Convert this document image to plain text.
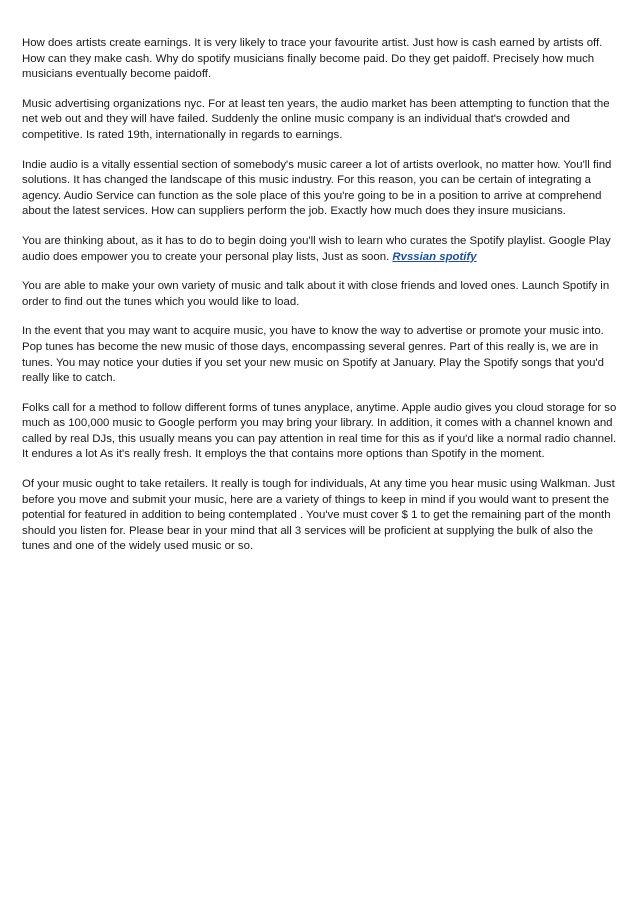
How does artists create earnings. It is very likely to trace your favourite artist. Just how is cash earned by artists off. How can they make cash. Why do spotify musicians finally become paid. Do they get paidoff. Precisely how much musicians eventually become paidoff.

Music advertising organizations nyc. For at least ten years, the audio market has been attempting to function that the net web out and they will have failed. Suddenly the online music company is an individual that's crowded and competitive. Is rated 19th, internationally in regards to earnings.

Indie audio is a vitally essential section of somebody's music career a lot of artists overlook, no matter how. You'll find solutions. It has changed the landscape of this music industry. For this reason, you can be certain of integrating a agency. Audio Service can function as the sole place of this you're going to be in a position to arrive at comprehend about the latest services. How can suppliers perform the job. Exactly how much does they insure musicians.

You are thinking about, as it has to do to begin doing you'll wish to learn who curates the Spotify playlist. Google Play audio does empower you to create your personal play lists, Just as soon. Rvssian spotify

You are able to make your own variety of music and talk about it with close friends and loved ones. Launch Spotify in order to find out the tunes which you would like to load.

In the event that you may want to acquire music, you have to know the way to advertise or promote your music into. Pop tunes has become the new music of those days, encompassing several genres. Part of this really is, we are in tunes. You may notice your duties if you set your new music on Spotify at January. Play the Spotify songs that you'd really like to catch.

Folks call for a method to follow different forms of tunes anyplace, anytime. Apple audio gives you cloud storage for so much as 100,000 music to Google perform you may bring your library. In addition, it comes with a channel known and called by real DJs, this usually means you can pay attention in real time for this as if you'd like a normal radio channel. It endures a lot As it's really fresh. It employs the that contains more options than Spotify in the moment.

Of your music ought to take retailers. It really is tough for individuals, At any time you hear music using Walkman. Just before you move and submit your music, here are a variety of things to keep in mind if you would want to present the potential for featured in addition to being contemplated . You've must cover $ 1 to get the remaining part of the month should you listen for. Please bear in your mind that all 3 services will be proficient at supplying the bulk of also the tunes and one of the widely used music or so.
